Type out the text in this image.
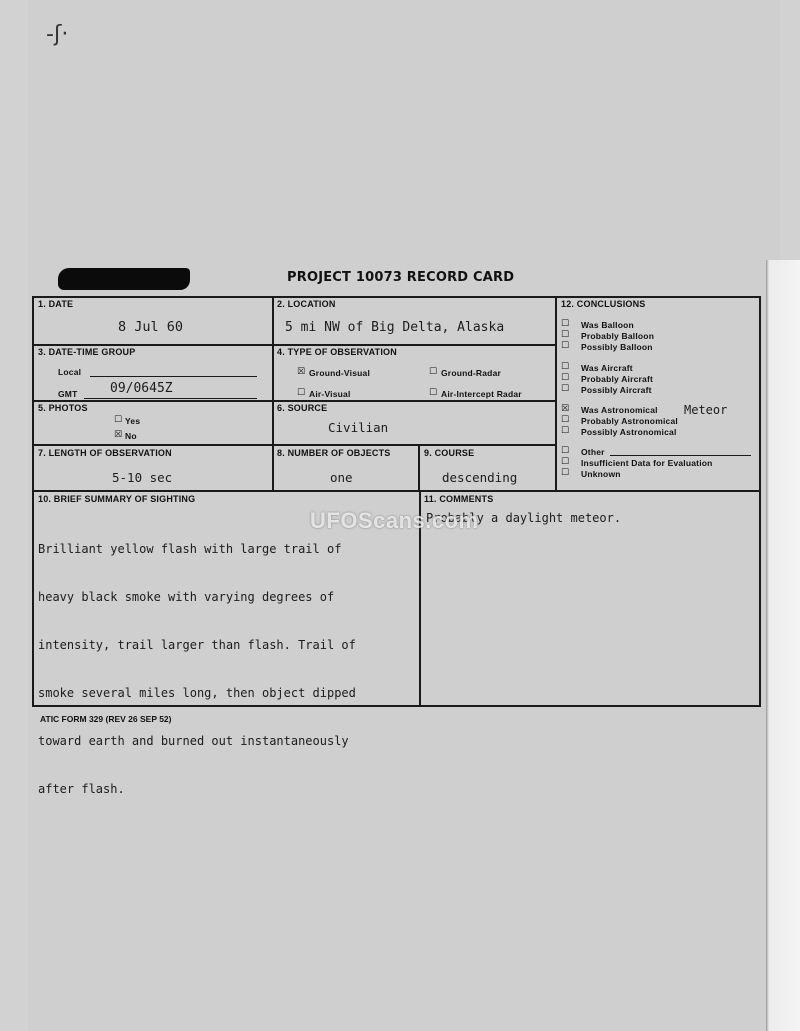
-ʃ·
PROJECT 10073 RECORD CARD
1. DATE
8 Jul 60
2. LOCATION
5 mi NW of Big Delta, Alaska
3. DATE-TIME GROUP
Local
GMT	09/0645Z
4. TYPE OF OBSERVATION
☒ Ground-Visual	☐ Ground-Radar
☐ Air-Visual	☐ Air-Intercept Radar
5. PHOTOS
☐ Yes
☒ No
6. SOURCE
Civilian
7. LENGTH OF OBSERVATION
5-10 sec
8. NUMBER OF OBJECTS
one
9. COURSE
descending
12. CONCLUSIONS
☐ Was Balloon
☐ Probably Balloon
☐ Possibly Balloon
☐ Was Aircraft
☐ Probably Aircraft
☐ Possibly Aircraft
☒ Was Astronomical Meteor
☐ Probably Astronomical
☐ Possibly Astronomical
☐ Other
☐ Insufficient Data for Evaluation
☐ Unknown
10. BRIEF SUMMARY OF SIGHTING

Brilliant yellow flash with large trail of

heavy black smoke with varying degrees of

intensity, trail larger than flash. Trail of

smoke several miles long, then object dipped

toward earth and burned out instantaneously

after flash.

11. COMMENTS
Probably a daylight meteor.
UFOScans.com
ATIC FORM 329 (REV 26 SEP 52)
